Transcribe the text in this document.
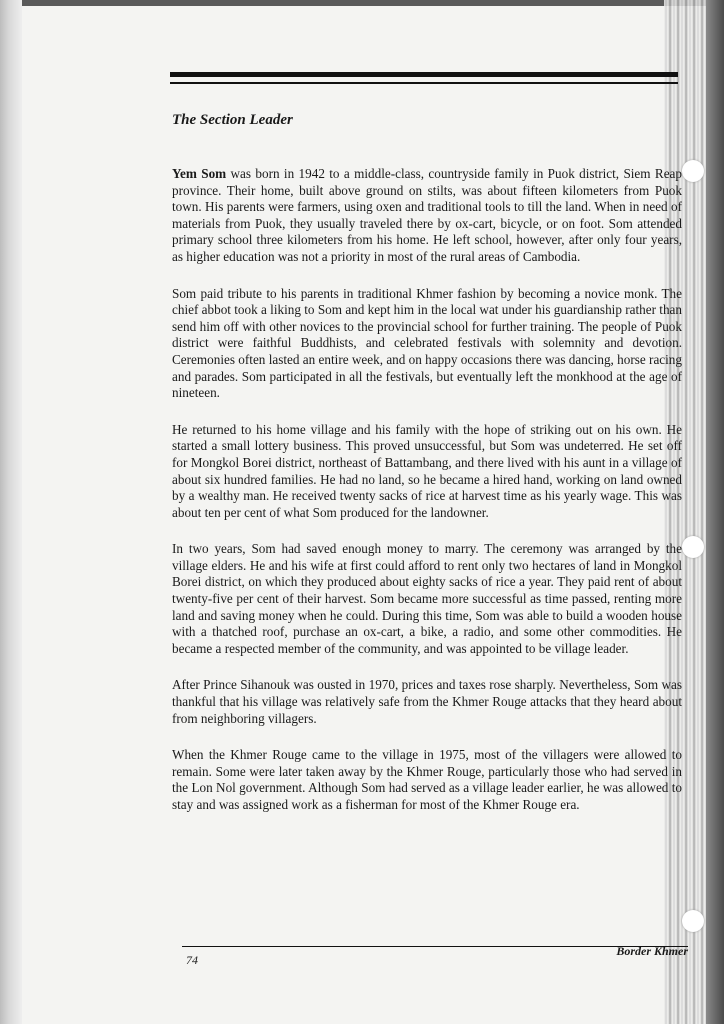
The Section Leader

Yem Som was born in 1942 to a middle-class, countryside family in Puok district, Siem Reap province. Their home, built above ground on stilts, was about fifteen kilometers from Puok town. His parents were farmers, using oxen and traditional tools to till the land. When in need of materials from Puok, they usually traveled there by ox-cart, bicycle, or on foot. Som attended primary school three kilometers from his home. He left school, however, after only four years, as higher education was not a priority in most of the rural areas of Cambodia.

Som paid tribute to his parents in traditional Khmer fashion by becoming a novice monk. The chief abbot took a liking to Som and kept him in the local wat under his guardianship rather than send him off with other novices to the provincial school for further training. The people of Puok district were faithful Buddhists, and celebrated festivals with solemnity and devotion. Ceremonies often lasted an entire week, and on happy occasions there was dancing, horse racing and parades. Som participated in all the festivals, but eventually left the monkhood at the age of nineteen.

He returned to his home village and his family with the hope of striking out on his own. He started a small lottery business. This proved unsuccessful, but Som was undeterred. He set off for Mongkol Borei district, northeast of Battambang, and there lived with his aunt in a village of about six hundred families. He had no land, so he became a hired hand, working on land owned by a wealthy man. He received twenty sacks of rice at harvest time as his yearly wage. This was about ten per cent of what Som produced for the landowner.

In two years, Som had saved enough money to marry. The ceremony was arranged by the village elders. He and his wife at first could afford to rent only two hectares of land in Mongkol Borei district, on which they produced about eighty sacks of rice a year. They paid rent of about twenty-five per cent of their harvest. Som became more successful as time passed, renting more land and saving money when he could. During this time, Som was able to build a wooden house with a thatched roof, purchase an ox-cart, a bike, a radio, and some other commodities. He became a respected member of the community, and was appointed to be village leader.

After Prince Sihanouk was ousted in 1970, prices and taxes rose sharply. Nevertheless, Som was thankful that his village was relatively safe from the Khmer Rouge attacks that they heard about from neighboring villagers.

When the Khmer Rouge came to the village in 1975, most of the villagers were allowed to remain. Some were later taken away by the Khmer Rouge, particularly those who had served in the Lon Nol government. Although Som had served as a village leader earlier, he was allowed to stay and was assigned work as a fisherman for most of the Khmer Rouge era.

74
Border Khmer
